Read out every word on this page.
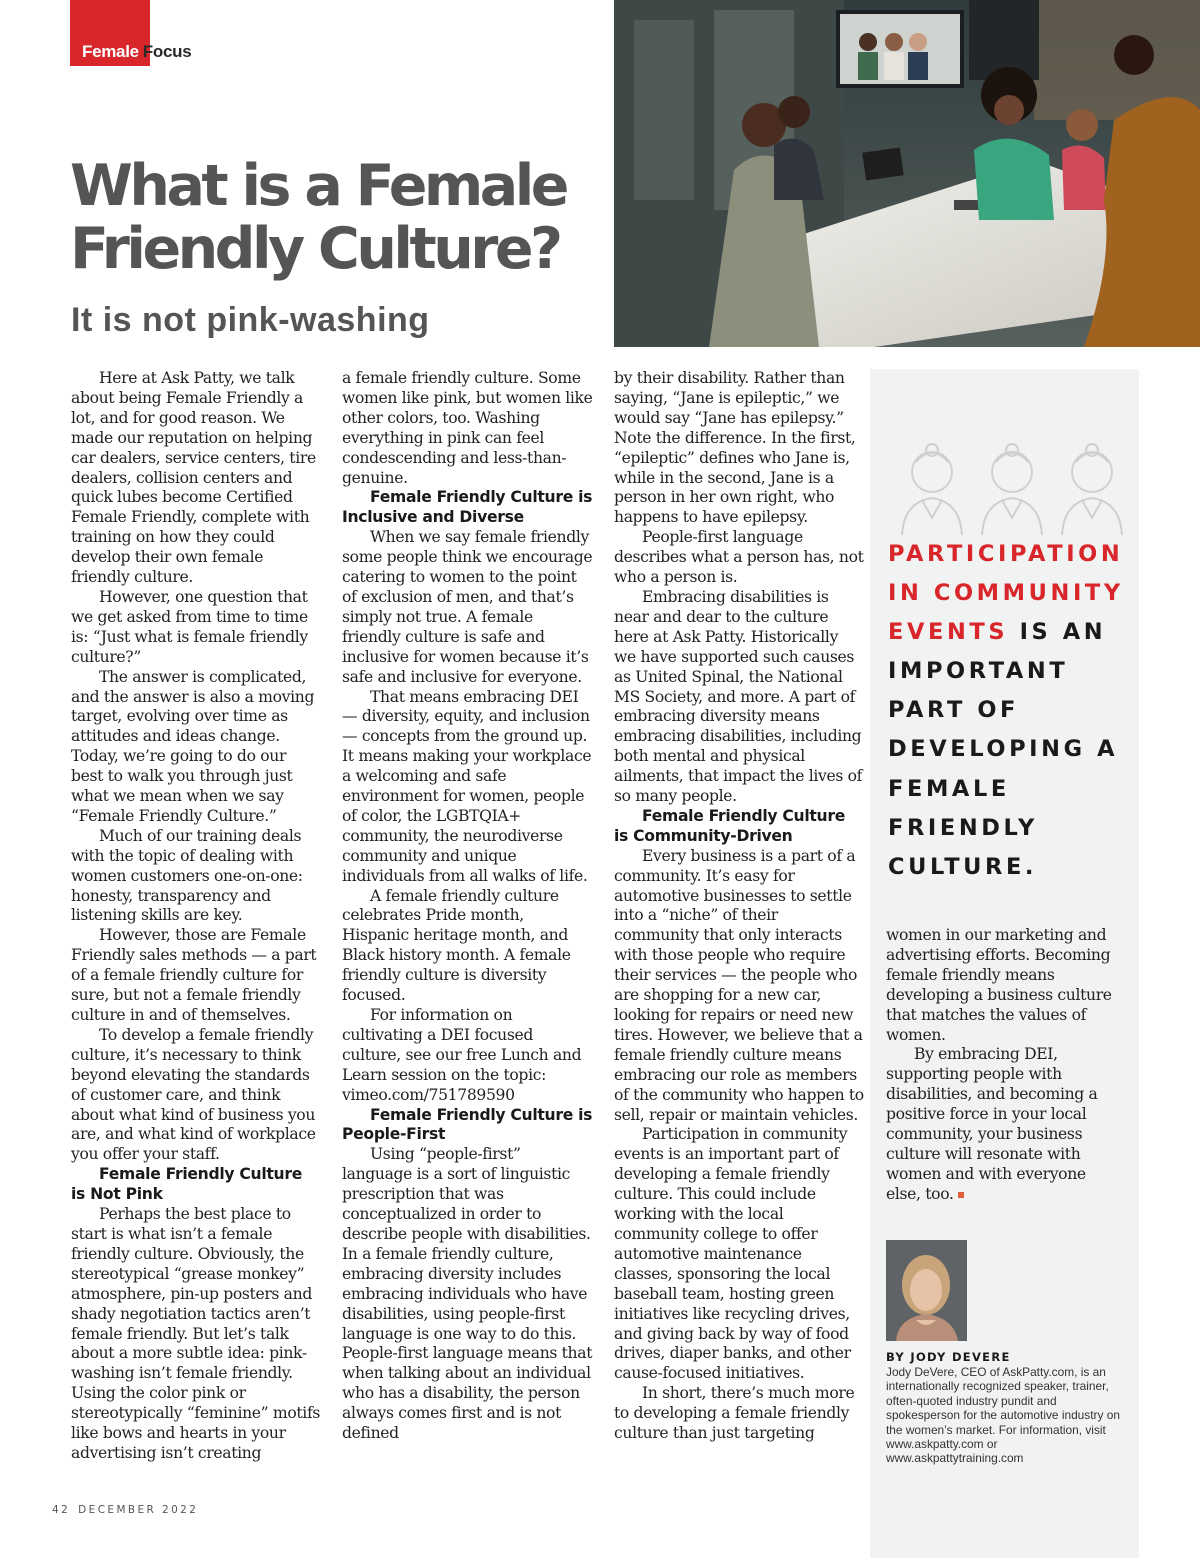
Female Focus
What is a Female Friendly Culture?
It is not pink-washing

Here at Ask Patty, we talk about being Female Friendly a lot, and for good reason. We made our reputation on helping car dealers, service centers, tire dealers, collision centers and quick lubes become Certified Female Friendly, complete with training on how they could develop their own female friendly culture.

However, one question that we get asked from time to time is: “Just what is female friendly culture?”

The answer is complicated, and the answer is also a moving target, evolving over time as attitudes and ideas change. Today, we’re going to do our best to walk you through just what we mean when we say “Female Friendly Culture.”

Much of our training deals with the topic of dealing with women customers one-on-one: honesty, transparency and listening skills are key.

However, those are Female Friendly sales methods — a part of a female friendly culture for sure, but not a female friendly culture in and of themselves.

To develop a female friendly culture, it’s necessary to think beyond elevating the standards of customer care, and think about what kind of business you are, and what kind of workplace you offer your staff.

Female Friendly Culture is Not Pink

Perhaps the best place to start is what isn’t a female friendly culture. Obviously, the stereotypical “grease monkey” atmosphere, pin-up posters and shady negotiation tactics aren’t female friendly. But let’s talk about a more subtle idea: pink-washing isn’t female friendly. Using the color pink or stereotypically “feminine” motifs like bows and hearts in your advertising isn’t creating

a female friendly culture. Some women like pink, but women like other colors, too. Washing everything in pink can feel condescending and less-than-genuine.

Female Friendly Culture is Inclusive and Diverse

When we say female friendly some people think we encourage catering to women to the point of exclusion of men, and that’s simply not true. A female friendly culture is safe and inclusive for women because it’s safe and inclusive for everyone.

That means embracing DEI — diversity, equity, and inclusion — concepts from the ground up. It means making your workplace a welcoming and safe environment for women, people of color, the LGBTQIA+ community, the neurodiverse community and unique individuals from all walks of life.

A female friendly culture celebrates Pride month, Hispanic heritage month, and Black history month. A female friendly culture is diversity focused.

For information on cultivating a DEI focused culture, see our free Lunch and Learn session on the topic: vimeo.com/751789590

Female Friendly Culture is People-First

Using “people-first” language is a sort of linguistic prescription that was conceptualized in order to describe people with disabilities. In a female friendly culture, embracing diversity includes embracing individuals who have disabilities, using people-first language is one way to do this. People-first language means that when talking about an individual who has a disability, the person always comes first and is not defined

by their disability. Rather than saying, “Jane is epileptic,” we would say “Jane has epilepsy.” Note the difference. In the first, “epileptic” defines who Jane is, while in the second, Jane is a person in her own right, who happens to have epilepsy.

People-first language describes what a person has, not who a person is.

Embracing disabilities is near and dear to the culture here at Ask Patty. Historically we have supported such causes as United Spinal, the National MS Society, and more. A part of embracing diversity means embracing disabilities, including both mental and physical ailments, that impact the lives of so many people.

Female Friendly Culture is Community-Driven

Every business is a part of a community. It’s easy for automotive businesses to settle into a “niche” of their community that only interacts with those people who require their services — the people who are shopping for a new car, looking for repairs or need new tires. However, we believe that a female friendly culture means embracing our role as members of the community who happen to sell, repair or maintain vehicles.

Participation in community events is an important part of developing a female friendly culture. This could include working with the local community college to offer automotive maintenance classes, sponsoring the local baseball team, hosting green initiatives like recycling drives, and giving back by way of food drives, diaper banks, and other cause-focused initiatives.

In short, there’s much more to developing a female friendly culture than just targeting

PARTICIPATION IN COMMUNITY EVENTS IS AN IMPORTANT PART OF DEVELOPING A FEMALE FRIENDLY CULTURE.

women in our marketing and advertising efforts. Becoming female friendly means developing a business culture that matches the values of women.

By embracing DEI, supporting people with disabilities, and becoming a positive force in your local community, your business culture will resonate with women and with everyone else, too.

BY JODY DEVERE

Jody DeVere, CEO of AskPatty.com, is an internationally recognized speaker, trainer, often-quoted industry pundit and spokesperson for the automotive industry on the women’s market. For information, visit www.askpatty.com or www.askpattytraining.com

42 DECEMBER 2022
